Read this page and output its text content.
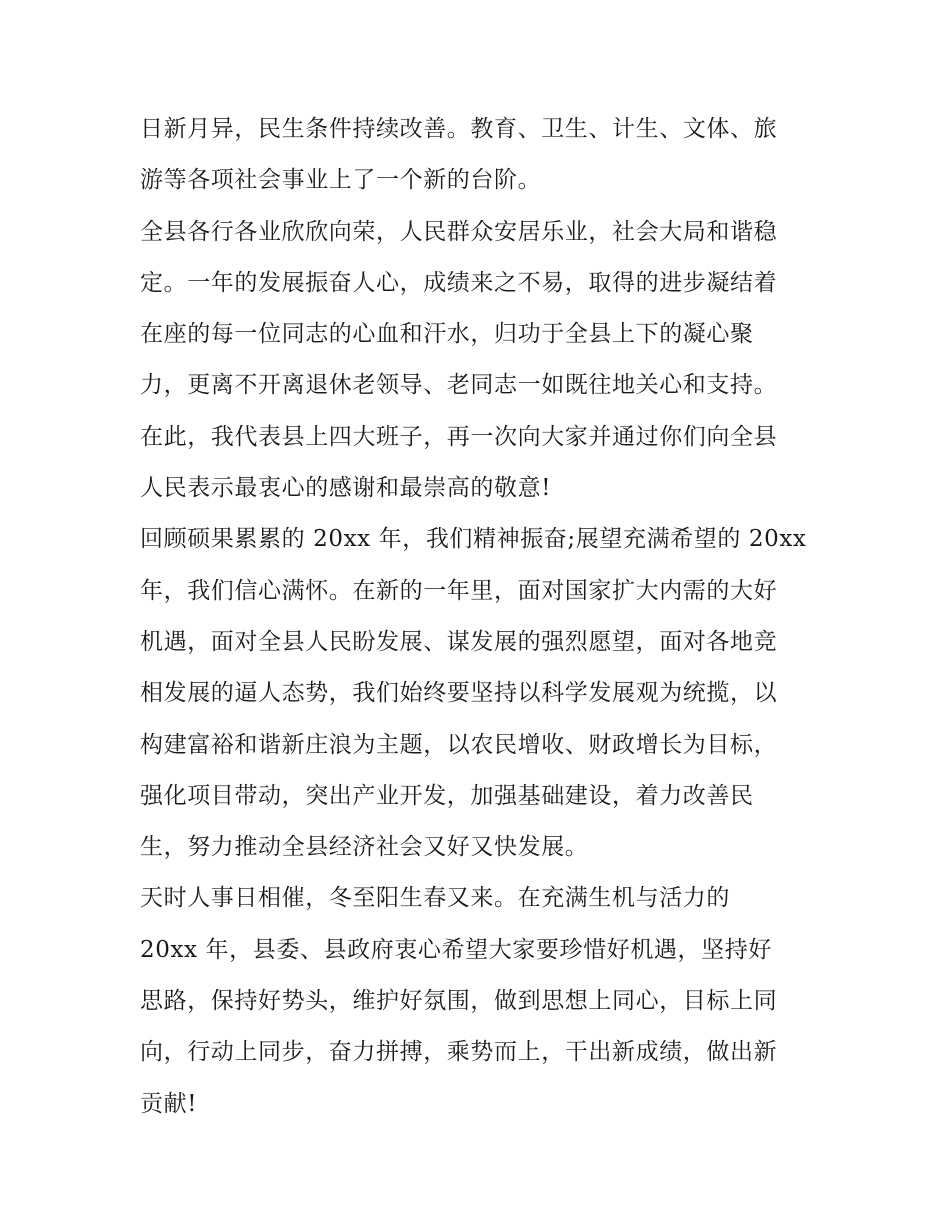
日新月异，民生条件持续改善。教育、卫生、计生、文体、旅
游等各项社会事业上了一个新的台阶。
全县各行各业欣欣向荣，人民群众安居乐业，社会大局和谐稳
定。一年的发展振奋人心，成绩来之不易，取得的进步凝结着
在座的每一位同志的心血和汗水，归功于全县上下的凝心聚
力，更离不开离退休老领导、老同志一如既往地关心和支持。
在此，我代表县上四大班子，再一次向大家并通过你们向全县
人民表示最衷心的感谢和最崇高的敬意!
回顾硕果累累的 20xx 年，我们精神振奋;展望充满希望的 20xx
年，我们信心满怀。在新的一年里，面对国家扩大内需的大好
机遇，面对全县人民盼发展、谋发展的强烈愿望，面对各地竞
相发展的逼人态势，我们始终要坚持以科学发展观为统揽，以
构建富裕和谐新庄浪为主题，以农民增收、财政增长为目标，
强化项目带动，突出产业开发，加强基础建设，着力改善民
生，努力推动全县经济社会又好又快发展。
天时人事日相催，冬至阳生春又来。在充满生机与活力的
20xx 年，县委、县政府衷心希望大家要珍惜好机遇，坚持好
思路，保持好势头，维护好氛围，做到思想上同心，目标上同
向，行动上同步，奋力拼搏，乘势而上，干出新成绩，做出新
贡献!
